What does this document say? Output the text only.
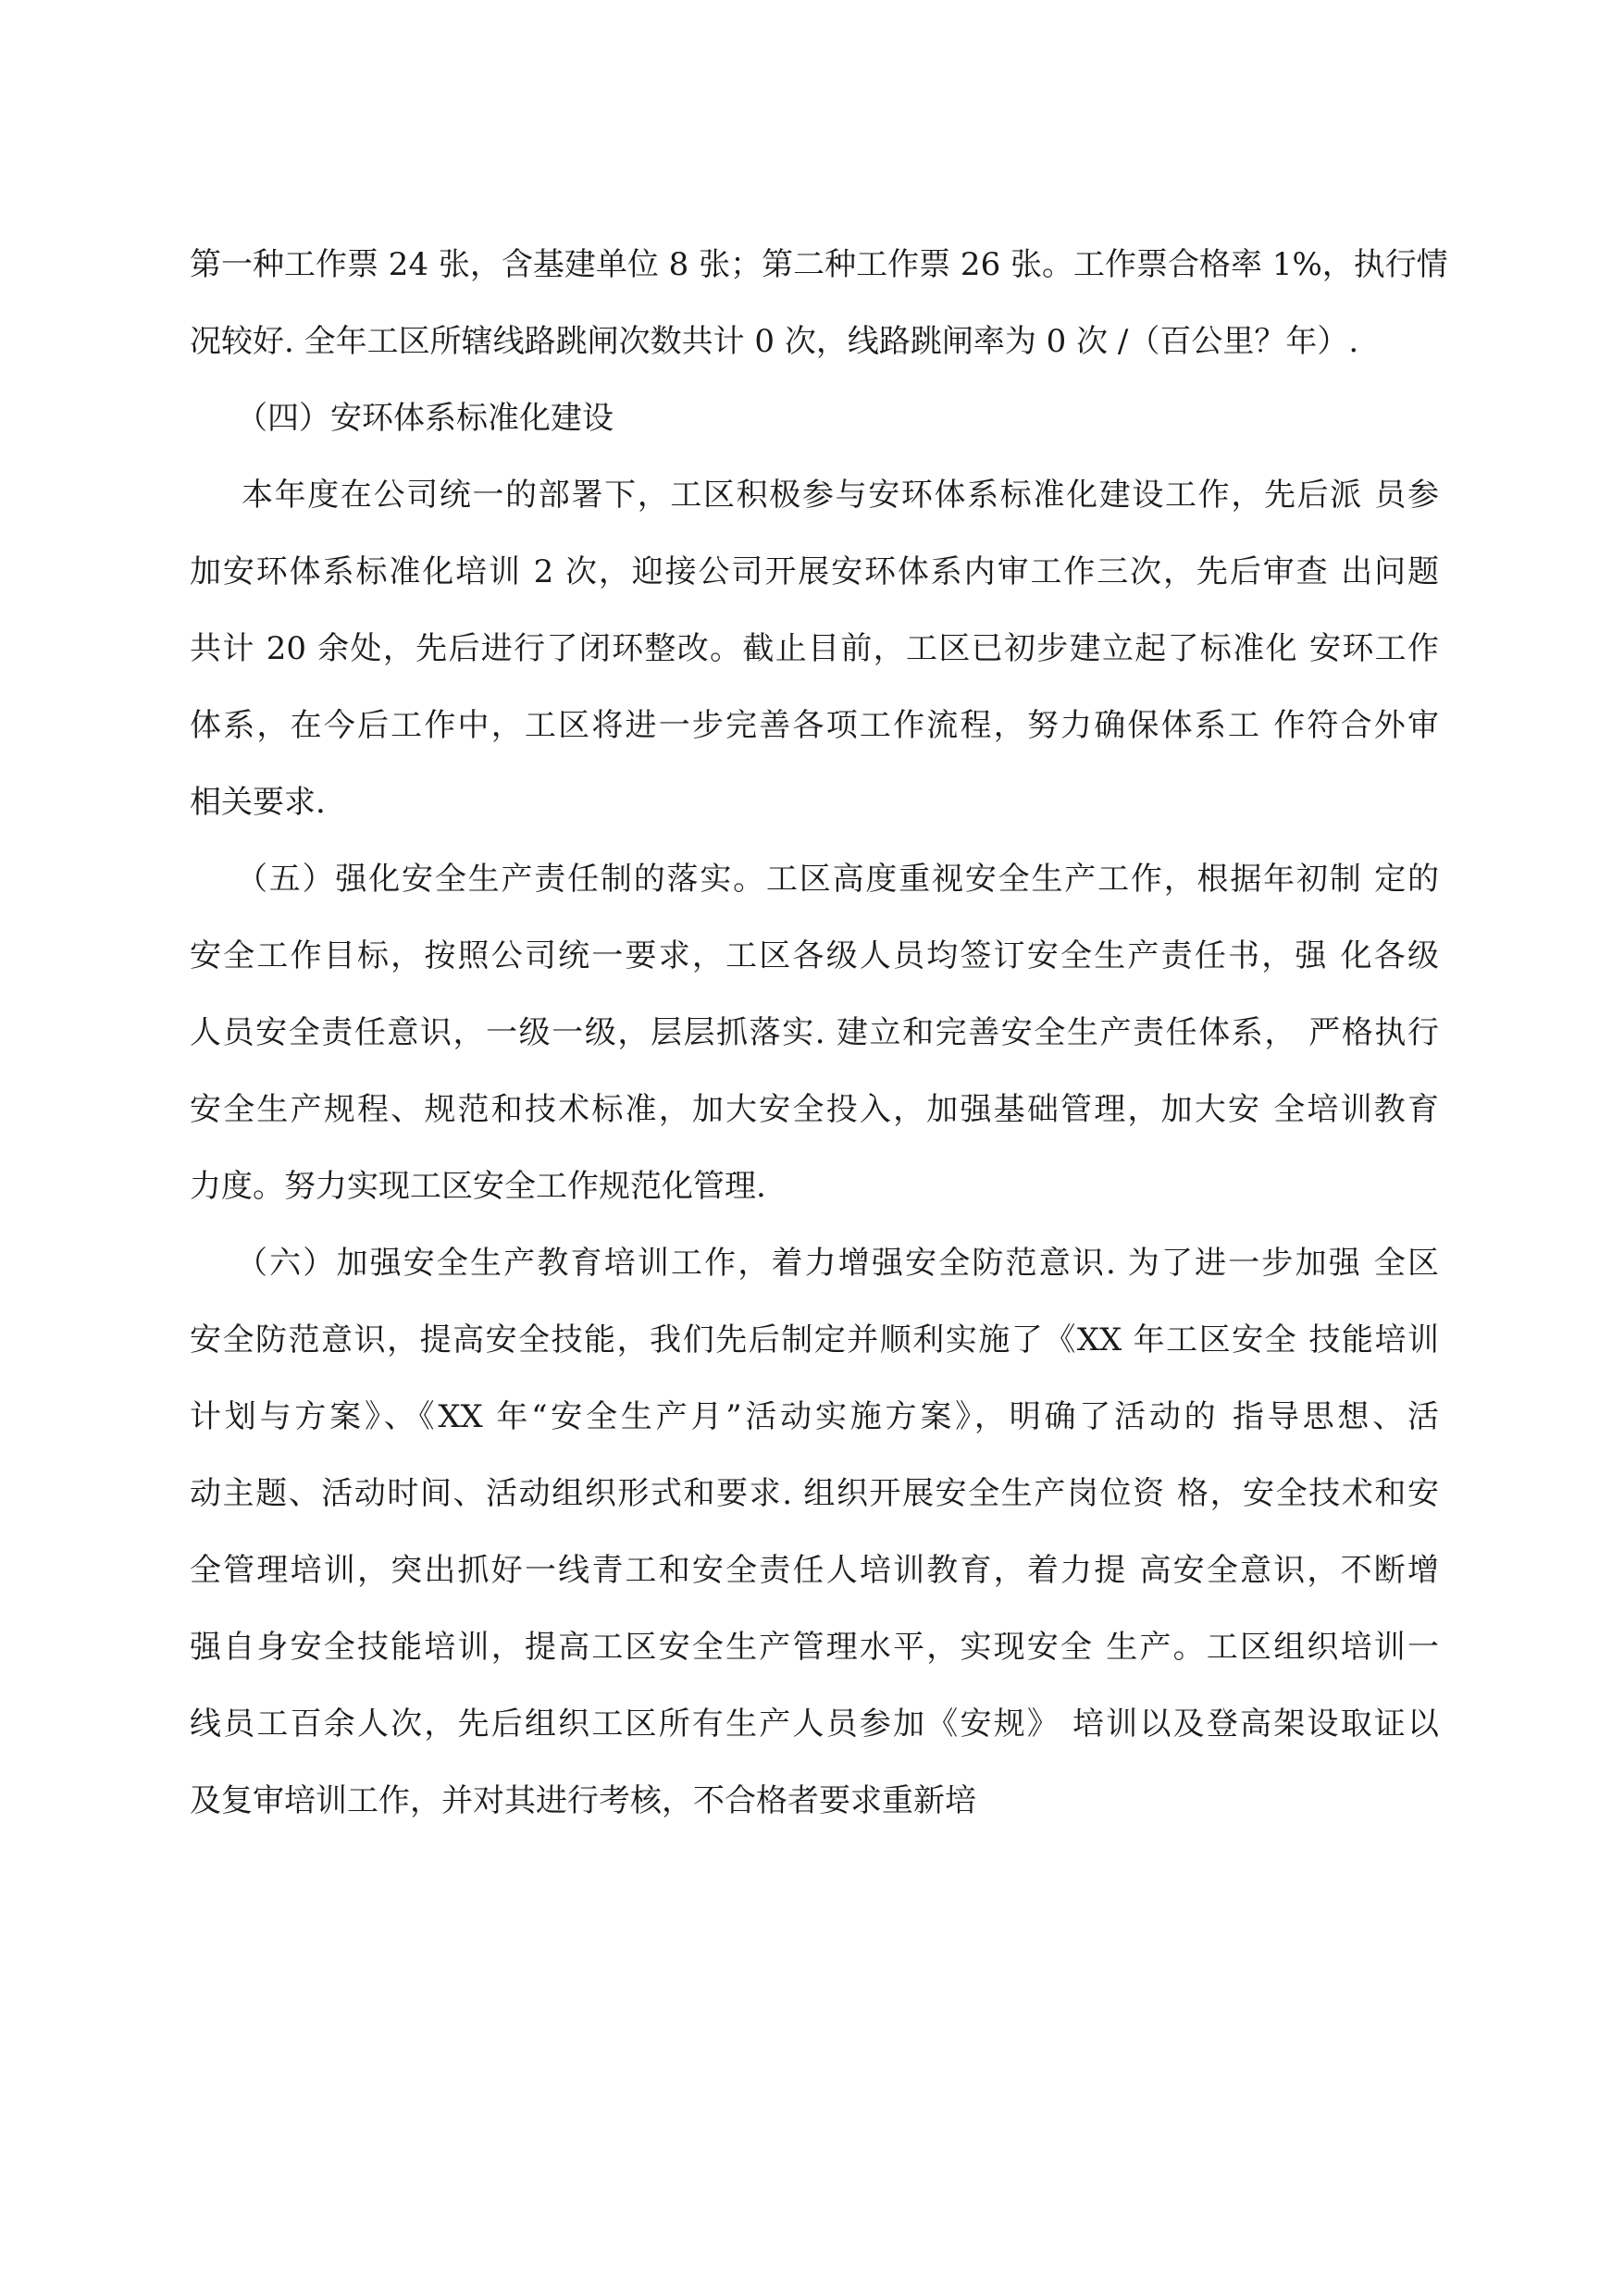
第一种工作票 24 张，含基建单位 8 张；第二种工作票 26 张。工作票合格率 1%，执行情
况较好. 全年工区所辖线路跳闸次数共计 0 次，线路跳闸率为 0 次 /（百公里？年）.
（四）安环体系标准化建设
本年度在公司统一的部署下，工区积极参与安环体系标准化建设工作，先后派 员参
加安环体系标准化培训 2 次，迎接公司开展安环体系内审工作三次，先后审查 出问题
共计 20 余处，先后进行了闭环整改。截止目前，工区已初步建立起了标准化 安环工作
体系，在今后工作中，工区将进一步完善各项工作流程，努力确保体系工 作符合外审
相关要求.
（五）强化安全生产责任制的落实。工区高度重视安全生产工作，根据年初制 定的
安全工作目标，按照公司统一要求，工区各级人员均签订安全生产责任书，强 化各级
人员安全责任意识，一级一级，层层抓落实. 建立和完善安全生产责任体系， 严格执行
安全生产规程、规范和技术标准，加大安全投入，加强基础管理，加大安 全培训教育
力度。努力实现工区安全工作规范化管理.
（六）加强安全生产教育培训工作，着力增强安全防范意识. 为了进一步加强 全区
安全防范意识，提高安全技能，我们先后制定并顺利实施了《XX 年工区安全 技能培训
计划与方案》、《XX 年“安全生产月”活动实施方案》，明确了活动的 指导思想、活
动主题、活动时间、活动组织形式和要求. 组织开展安全生产岗位资 格，安全技术和安
全管理培训，突出抓好一线青工和安全责任人培训教育，着力提 高安全意识，不断增
强自身安全技能培训，提高工区安全生产管理水平，实现安全 生产。工区组织培训一
线员工百余人次，先后组织工区所有生产人员参加《安规》 培训以及登高架设取证以
及复审培训工作，并对其进行考核，不合格者要求重新培
